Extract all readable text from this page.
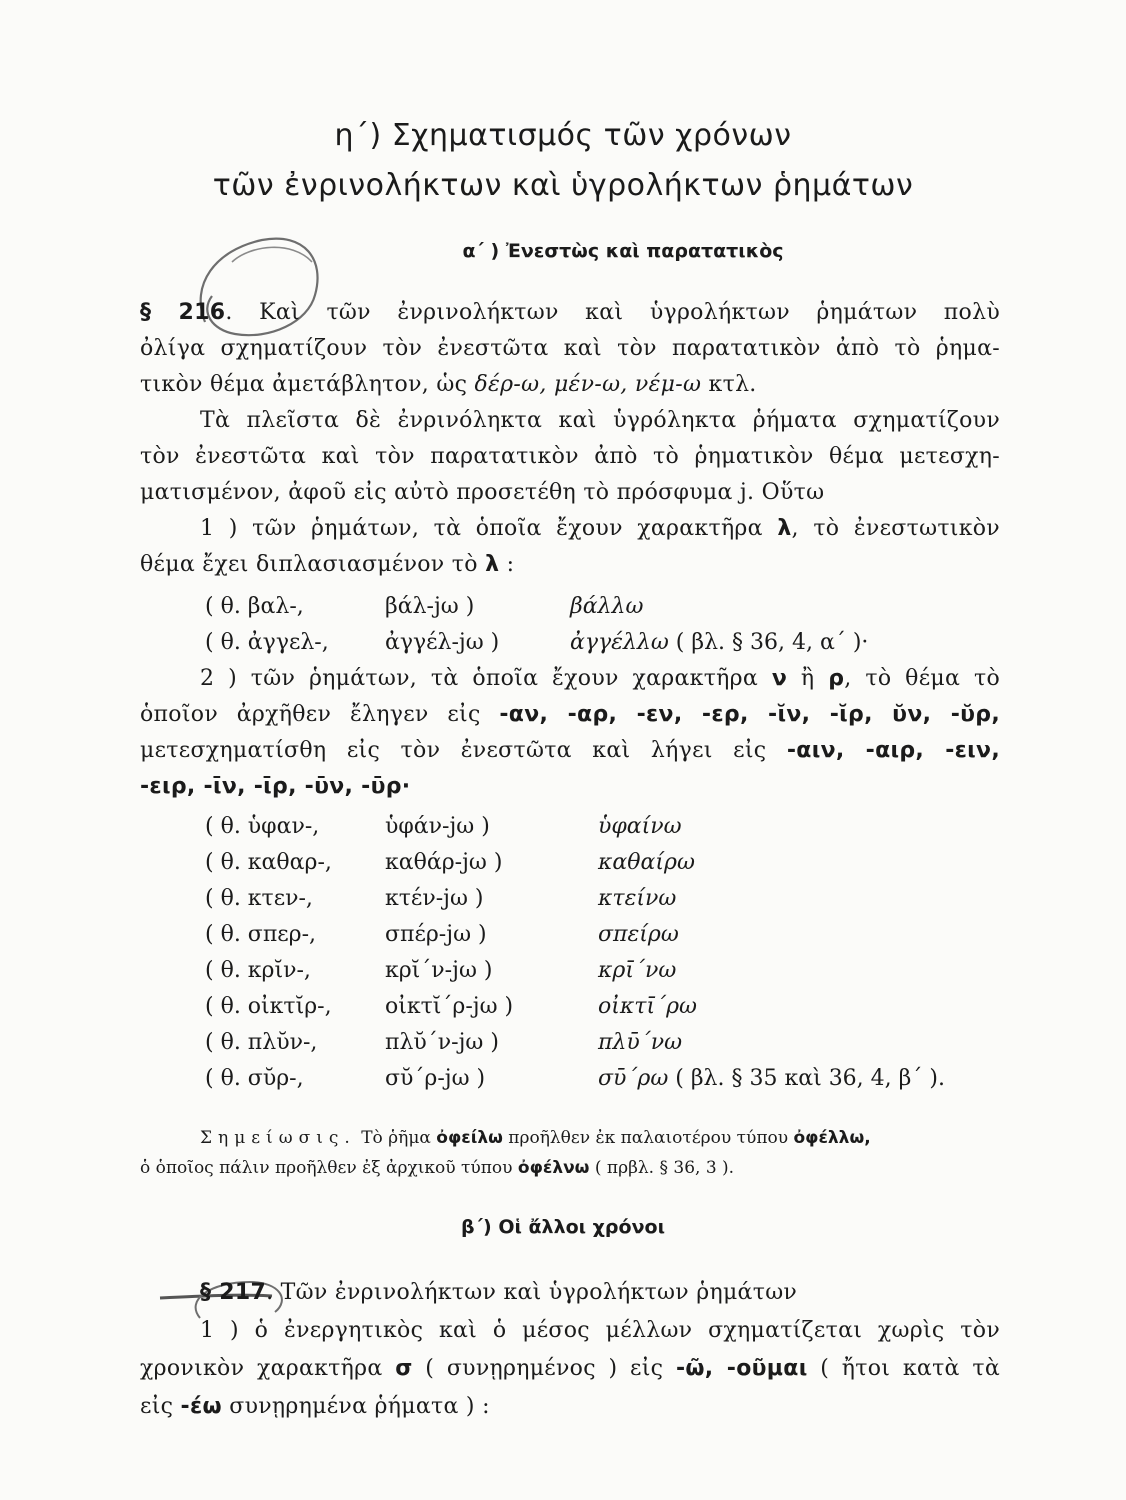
η΄) Σχηματισμός τῶν χρόνων
τῶν ἐνρινολήκτων καὶ ὑγρολήκτων ῥημάτων
α΄ ) Ἐνεστὼς καὶ παρατατικὸς
§ 216. Καὶ τῶν ἐνρινολήκτων καὶ ὑγρολήκτων ῥημάτων πολὺ
ὀλίγα σχηματίζουν τὸν ἐνεστῶτα καὶ τὸν παρατατικὸν ἀπὸ τὸ ῥημα-
τικὸν θέμα ἀμετάβλητον, ὡς δέρ-ω, μέν-ω, νέμ-ω κτλ.
Τὰ πλεῖστα δὲ ἐνρινόληκτα καὶ ὑγρόληκτα ῥήματα σχηματίζουν
τὸν ἐνεστῶτα καὶ τὸν παρατατικὸν ἀπὸ τὸ ῥηματικὸν θέμα μετεσχη-
ματισμένον, ἀφοῦ εἰς αὐτὸ προσετέθη τὸ πρόσφυμα j. Οὕτω
1 ) τῶν ῥημάτων, τὰ ὁποῖα ἔχουν χαρακτῆρα λ, τὸ ἐνεστωτικὸν
θέμα ἔχει διπλασιασμένον τὸ λ :
( θ. βαλ-,	βάλ-jω )	βάλλω
( θ. ἀγγελ-,	ἀγγέλ-jω )	ἀγγέλλω ( βλ. § 36, 4, α΄ )·
2 ) τῶν ῥημάτων, τὰ ὁποῖα ἔχουν χαρακτῆρα ν ἢ ρ, τὸ θέμα τὸ
ὁποῖον ἀρχῆθεν ἔληγεν εἰς -αν, -αρ, -εν, -ερ, -ῐν, -ῐρ, ῠν, -ῠρ,
μετεσχηματίσθη εἰς τὸν ἐνεστῶτα καὶ λήγει εἰς -αιν, -αιρ, -ειν,
-ειρ, -ῑν, -ῑρ, -ῡν, -ῡρ·
( θ. ὑφαν-,	ὑφάν-jω )	ὑφαίνω
( θ. καθαρ-, καθάρ-jω )	καθαίρω
( θ. κτεν-,	κτέν-jω )	κτείνω
( θ. σπερ-,	σπέρ-jω )	σπείρω
( θ. κρῐν-,	κρῐ΄ν-jω )	κρῑ΄νω
( θ. οἰκτῐρ-, οἰκτῐ΄ρ-jω )	οἰκτῑ΄ρω
( θ. πλῠν-,	πλῠ΄ν-jω )	πλῡ΄νω
( θ. σῠρ-,	σῠ΄ρ-jω )	σῡ΄ρω ( βλ. § 35 καὶ 36, 4, β΄ ).
Σημείωσις. Τὸ ῥῆμα ὀφείλω προῆλθεν ἐκ παλαιοτέρου τύπου ὀφέλλω,
ὁ ὁποῖος πάλιν προῆλθεν ἐξ ἀρχικοῦ τύπου ὀφέλνω ( πρβλ. § 36, 3 ).
β΄) Οἱ ἄλλοι χρόνοι
§ 217. Τῶν ἐνρινολήκτων καὶ ὑγρολήκτων ῥημάτων
1 ) ὁ ἐνεργητικὸς καὶ ὁ μέσος μέλλων σχηματίζεται χωρὶς τὸν
χρονικὸν χαρακτῆρα σ ( συνῃρημένος ) εἰς -ῶ, -οῦμαι ( ἤτοι κατὰ τὰ
εἰς -έω συνῃρημένα ῥήματα ) :
